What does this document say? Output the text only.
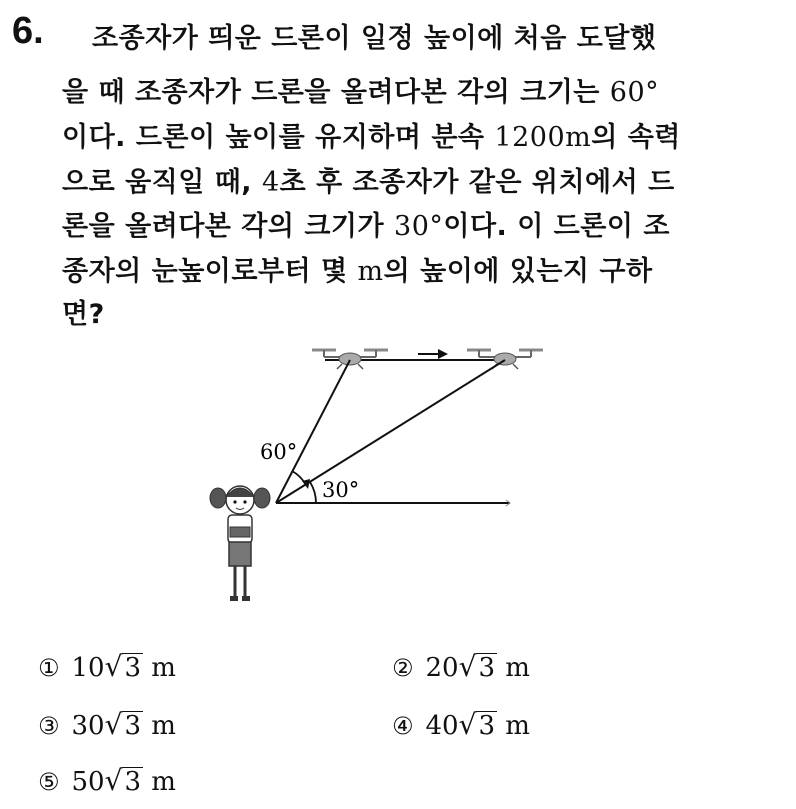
6. 조종자가 띄운 드론이 일정 높이에 처음 도달했
을 때 조종자가 드론을 올려다본 각의 크기는 60°
이다. 드론이 높이를 유지하며 분속 1200m의 속력
으로 움직일 때, 4초 후 조종자가 같은 위치에서 드
론을 올려다본 각의 크기가 30°이다. 이 드론이 조
종자의 눈높이로부터 몇 m의 높이에 있는지 구하
면?
60°
30°
① 10√3 m	② 20√3 m
③ 30√3 m	④ 40√3 m
⑤ 50√3 m
